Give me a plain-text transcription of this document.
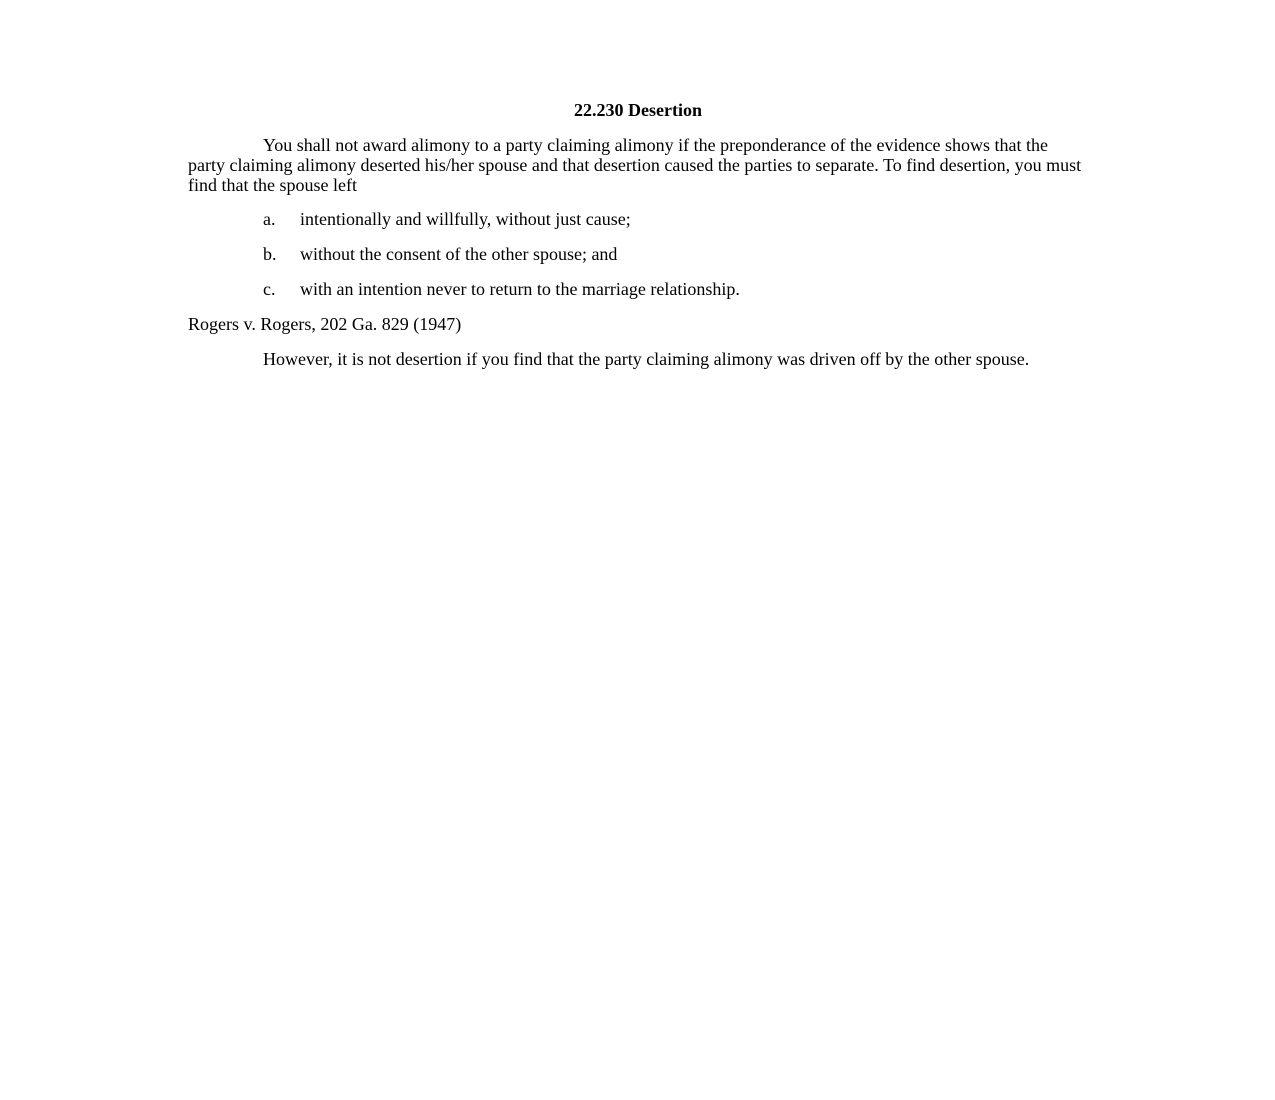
22.230 Desertion

You shall not award alimony to a party claiming alimony if the preponderance of the evidence shows that the party claiming alimony deserted his/her spouse and that desertion caused the parties to separate. To find desertion, you must find that the spouse left

a. intentionally and willfully, without just cause;
b. without the consent of the other spouse; and
c. with an intention never to return to the marriage relationship.
Rogers v. Rogers, 202 Ga. 829 (1947)

However, it is not desertion if you find that the party claiming alimony was driven off by the other spouse.
